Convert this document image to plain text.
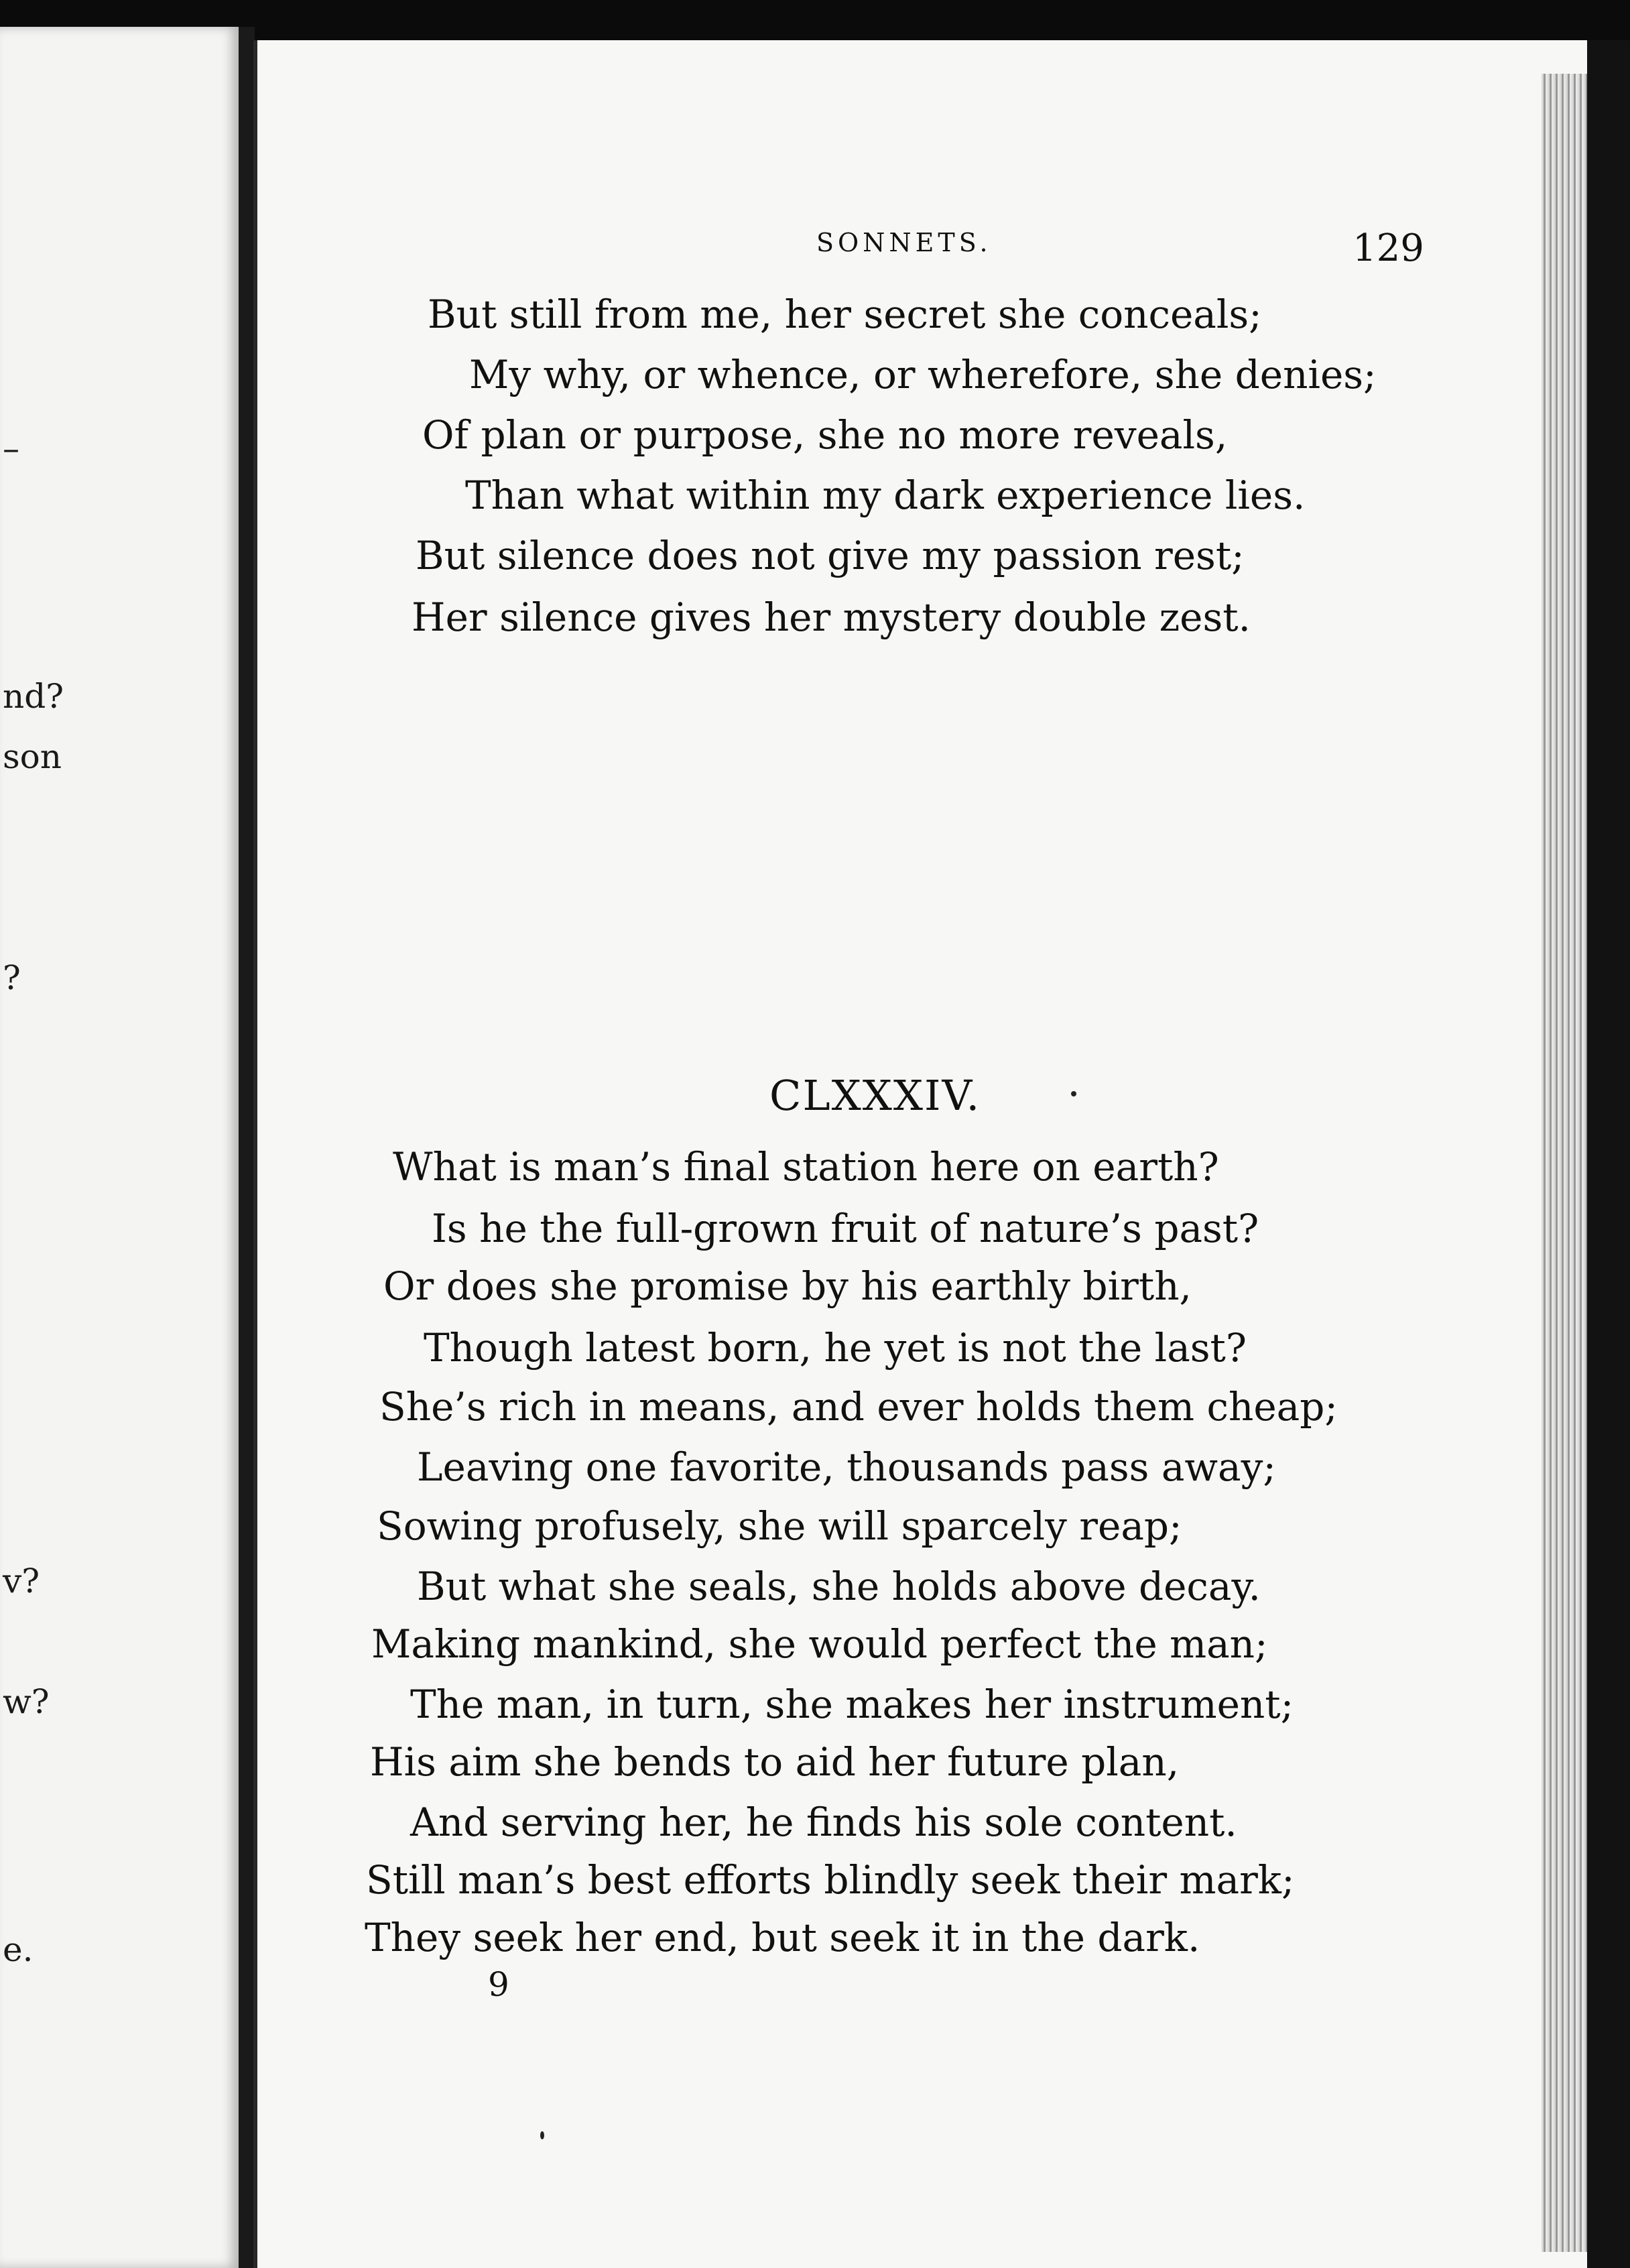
–
nd?
son
?
v?
w?
e.
SONNETS.	129
But still from me, her secret she conceals;
My why, or whence, or wherefore, she denies;
Of plan or purpose, she no more reveals,
Than what within my dark experience lies.
But silence does not give my passion rest;
Her silence gives her mystery double zest.
CLXXXIV.
What is man’s final station here on earth?
Is he the full-grown fruit of nature’s past?
Or does she promise by his earthly birth,
Though latest born, he yet is not the last?
She’s rich in means, and ever holds them cheap;
Leaving one favorite, thousands pass away;
Sowing profusely, she will sparcely reap;
But what she seals, she holds above decay.
Making mankind, she would perfect the man;
The man, in turn, she makes her instrument;
His aim she bends to aid her future plan,
And serving her, he finds his sole content.
Still man’s best efforts blindly seek their mark;
They seek her end, but seek it in the dark.
9
